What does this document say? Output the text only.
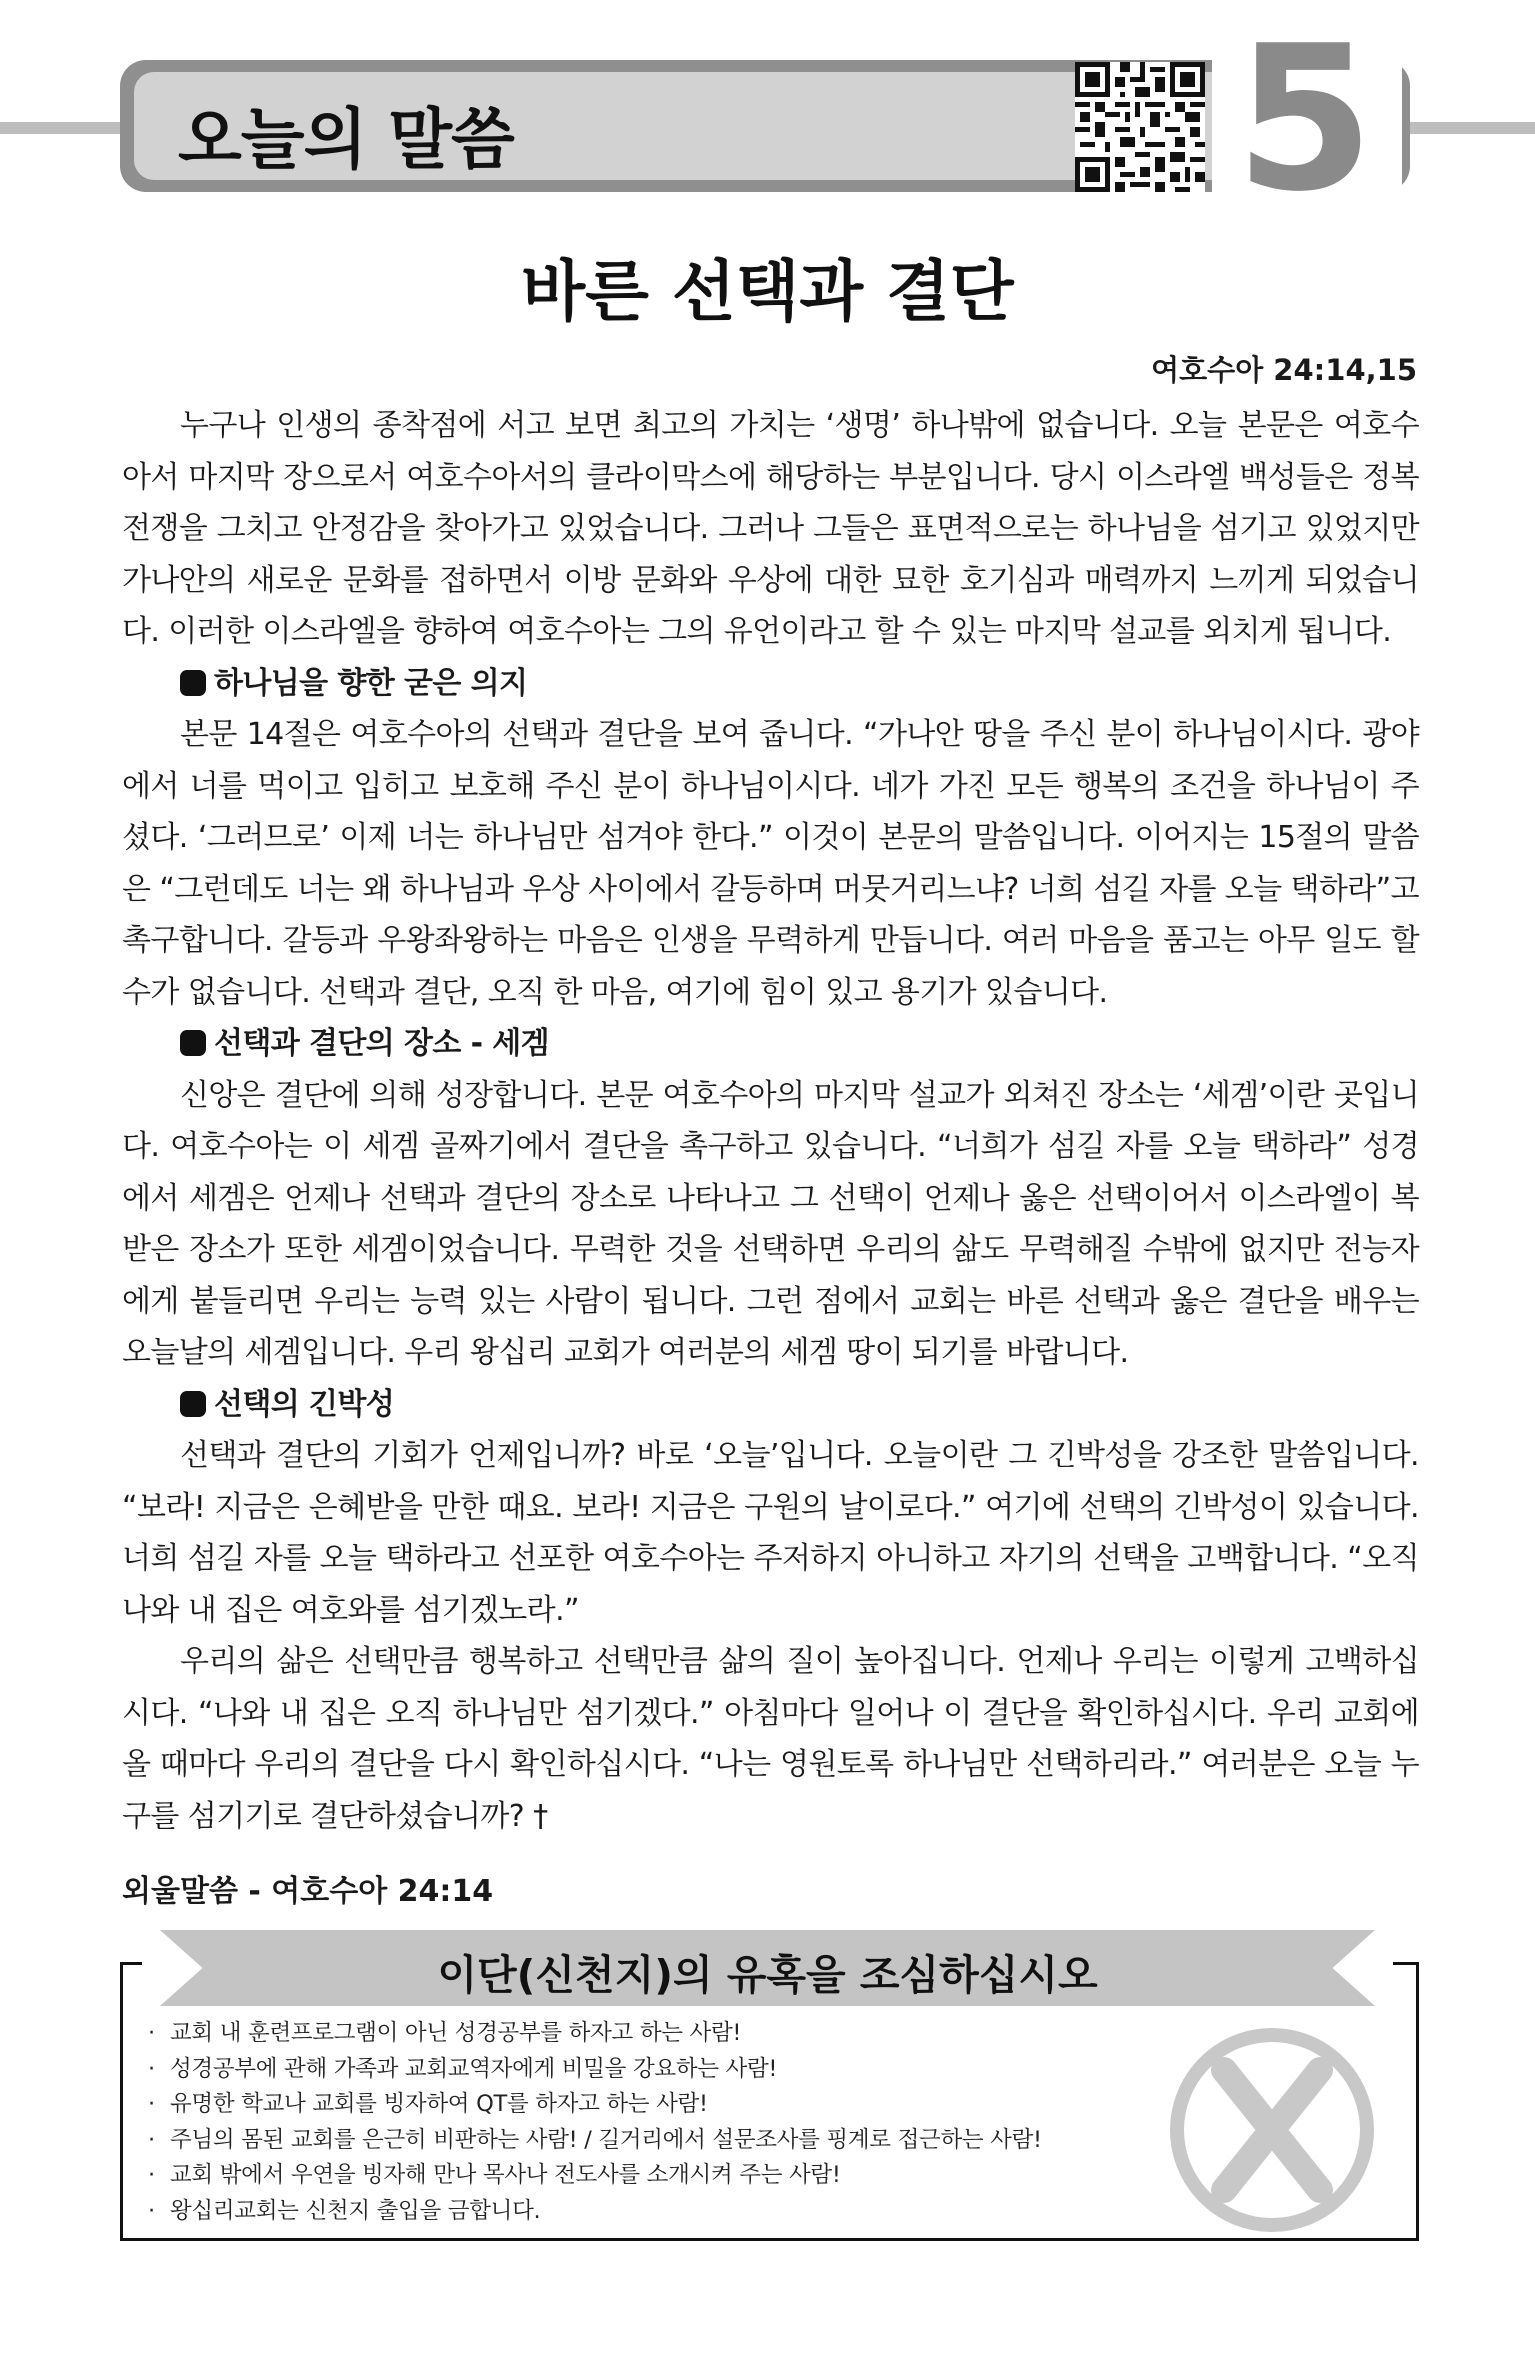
오늘의 말씀	5
바른 선택과 결단
여호수아 24:14,15

누구나 인생의 종착점에 서고 보면 최고의 가치는 ‘생명’ 하나밖에 없습니다. 오늘 본문은 여호수아서 마지막 장으로서 여호수아서의 클라이막스에 해당하는 부분입니다. 당시 이스라엘 백성들은 정복 전쟁을 그치고 안정감을 찾아가고 있었습니다. 그러나 그들은 표면적으로는 하나님을 섬기고 있었지만 가나안의 새로운 문화를 접하면서 이방 문화와 우상에 대한 묘한 호기심과 매력까지 느끼게 되었습니다. 이러한 이스라엘을 향하여 여호수아는 그의 유언이라고 할 수 있는 마지막 설교를 외치게 됩니다.

하나님을 향한 굳은 의지

본문 14절은 여호수아의 선택과 결단을 보여 줍니다. “가나안 땅을 주신 분이 하나님이시다. 광야에서 너를 먹이고 입히고 보호해 주신 분이 하나님이시다. 네가 가진 모든 행복의 조건을 하나님이 주셨다. ‘그러므로’ 이제 너는 하나님만 섬겨야 한다.” 이것이 본문의 말씀입니다. 이어지는 15절의 말씀은 “그런데도 너는 왜 하나님과 우상 사이에서 갈등하며 머뭇거리느냐? 너희 섬길 자를 오늘 택하라”고 촉구합니다. 갈등과 우왕좌왕하는 마음은 인생을 무력하게 만듭니다. 여러 마음을 품고는 아무 일도 할 수가 없습니다. 선택과 결단, 오직 한 마음, 여기에 힘이 있고 용기가 있습니다.

선택과 결단의 장소 - 세겜

신앙은 결단에 의해 성장합니다. 본문 여호수아의 마지막 설교가 외쳐진 장소는 ‘세겜’이란 곳입니다. 여호수아는 이 세겜 골짜기에서 결단을 촉구하고 있습니다. “너희가 섬길 자를 오늘 택하라” 성경에서 세겜은 언제나 선택과 결단의 장소로 나타나고 그 선택이 언제나 옳은 선택이어서 이스라엘이 복 받은 장소가 또한 세겜이었습니다. 무력한 것을 선택하면 우리의 삶도 무력해질 수밖에 없지만 전능자에게 붙들리면 우리는 능력 있는 사람이 됩니다. 그런 점에서 교회는 바른 선택과 옳은 결단을 배우는 오늘날의 세겜입니다. 우리 왕십리 교회가 여러분의 세겜 땅이 되기를 바랍니다.

선택의 긴박성

선택과 결단의 기회가 언제입니까? 바로 ‘오늘’입니다. 오늘이란 그 긴박성을 강조한 말씀입니다. “보라! 지금은 은혜받을 만한 때요. 보라! 지금은 구원의 날이로다.” 여기에 선택의 긴박성이 있습니다. 너희 섬길 자를 오늘 택하라고 선포한 여호수아는 주저하지 아니하고 자기의 선택을 고백합니다. “오직 나와 내 집은 여호와를 섬기겠노라.”

우리의 삶은 선택만큼 행복하고 선택만큼 삶의 질이 높아집니다. 언제나 우리는 이렇게 고백하십시다. “나와 내 집은 오직 하나님만 섬기겠다.” 아침마다 일어나 이 결단을 확인하십시다. 우리 교회에 올 때마다 우리의 결단을 다시 확인하십시다. “나는 영원토록 하나님만 선택하리라.” 여러분은 오늘 누구를 섬기기로 결단하셨습니까? †

외울말씀 - 여호수아 24:14
이단(신천지)의 유혹을 조심하십시오
· 교회 내 훈련프로그램이 아닌 성경공부를 하자고 하는 사람!
· 성경공부에 관해 가족과 교회교역자에게 비밀을 강요하는 사람!
· 유명한 학교나 교회를 빙자하여 QT를 하자고 하는 사람!
· 주님의 몸된 교회를 은근히 비판하는 사람! / 길거리에서 설문조사를 핑계로 접근하는 사람!
· 교회 밖에서 우연을 빙자해 만나 목사나 전도사를 소개시켜 주는 사람!
· 왕십리교회는 신천지 출입을 금합니다.
